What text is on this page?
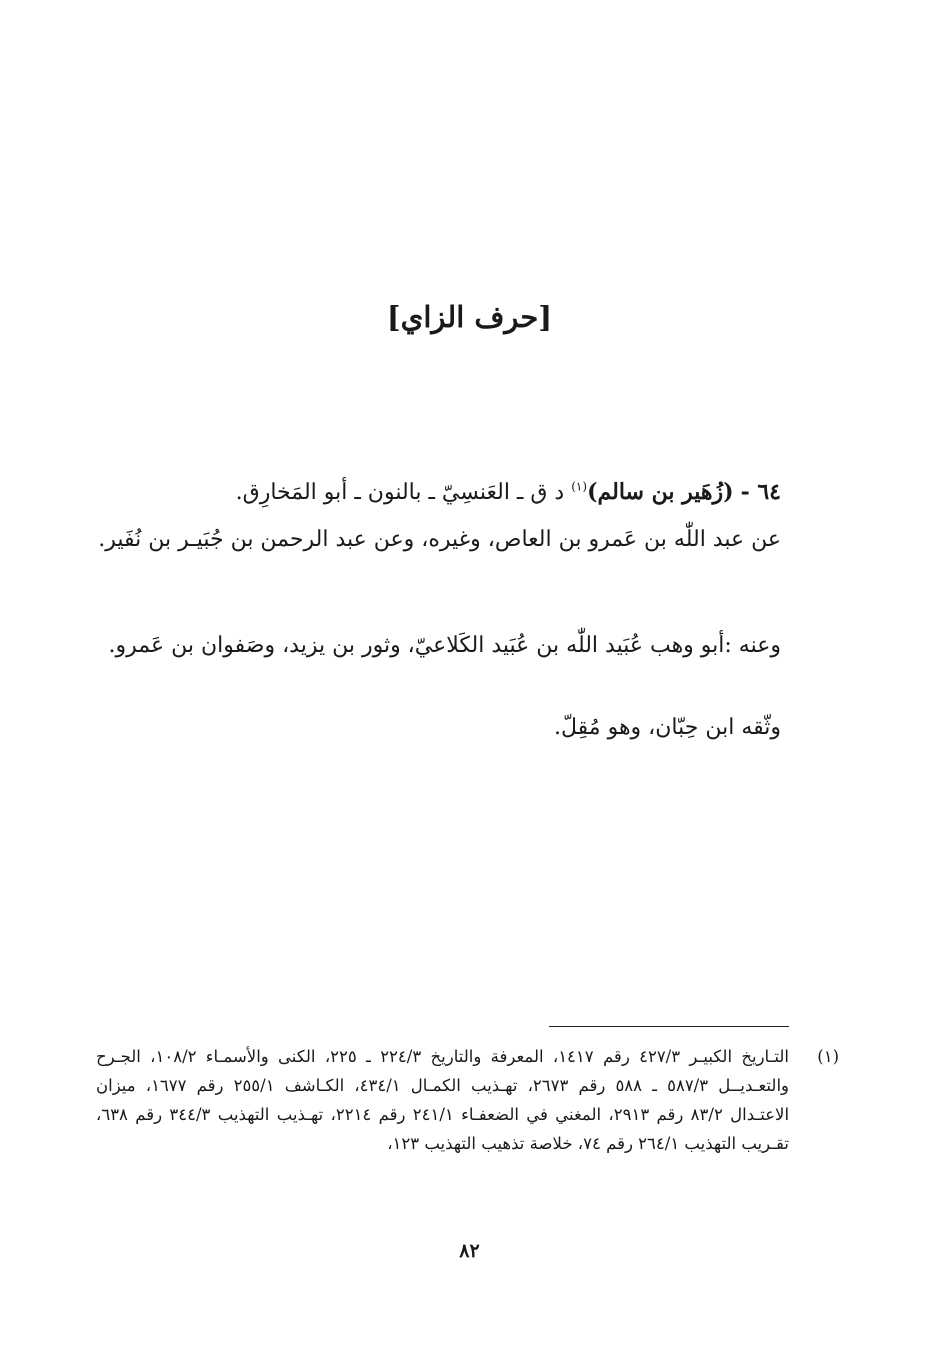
[حرف الزاي]
٦٤ - (زُهَير بن سالم)$^{(١)}$ د ق ـ العَنسِيّ ـ بالنون ـ أبو المَخارِق.
عن عبد اللّٰه بن عَمرو بن العاص، وغيره، وعن عبد الرحمن بن جُبَيـر بن نُفَير.
وعنه :أبو وهب عُبَيد اللّٰه بن عُبَيد الكَلاعيّ، وثور بن يزيد، وصَفوان بن عَمرو.
وثّقه ابن حِبّان، وهو مُقِلّ.
(١)
التـاريخ الكبيـر ٤٢٧/٣ رقم ١٤١٧، المعرفة والتاريخ ٢٢٤/٣ ـ ٢٢٥، الكنى والأسمـاء ١٠٨/٢، الجـرح والتعـديــل ٥٨٧/٣ ـ ٥٨٨ رقم ٢٦٧٣، تهـذيب الكمـال ٤٣٤/١، الكـاشف ٢٥٥/١ رقم ١٦٧٧، ميزان الاعتـدال ٨٣/٢ رقم ٢٩١٣، المغني في الضعفـاء ٢٤١/١ رقم ٢٢١٤، تهـذيب التهذيب ٣٤٤/٣ رقم ٦٣٨، تقـريب التهذيب ٢٦٤/١ رقم ٧٤، خلاصة تذهيب التهذيب ١٢٣،
٨٢
